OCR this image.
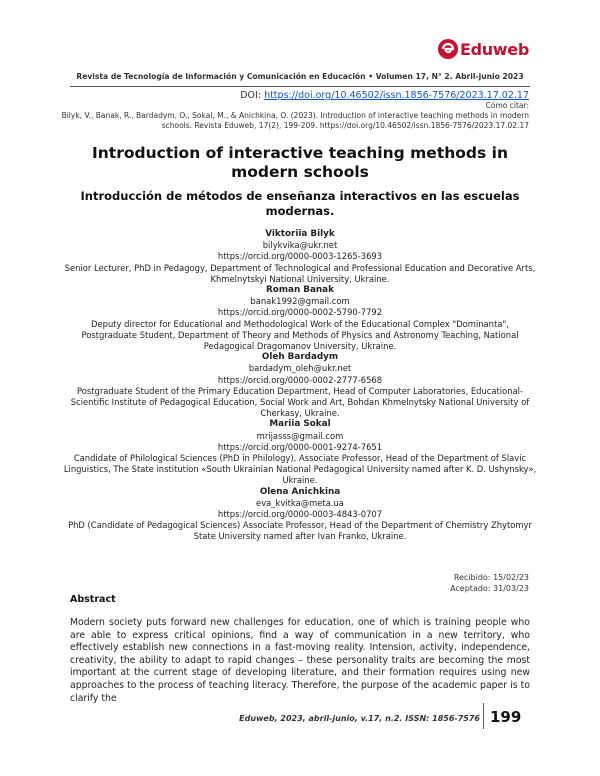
Eduweb
Revista de Tecnología de Información y Comunicación en Educación • Volumen 17, N° 2. Abril-junio 2023
DOI: https://doi.org/10.46502/issn.1856-7576/2023.17.02.17
Cómo citar:
Bilyk, V., Banak, R., Bardadym, O., Sokal, M., & Anichkina, O. (2023). Introduction of interactive teaching methods in modern
schools. Revista Eduweb, 17(2), 199-209. https://doi.org/10.46502/issn.1856-7576/2023.17.02.17
Introduction of interactive teaching methods in modern schools
Introducción de métodos de enseñanza interactivos en las escuelas modernas.
Viktoriia Bilyk
bilykvika@ukr.net
https://orcid.org/0000-0003-1265-3693
Senior Lecturer, PhD in Pedagogy, Department of Technological and Professional Education and Decorative Arts, Khmelnytskyi National University, Ukraine.
Roman Banak
banak1992@gmail.com
https://orcid.org/0000-0002-5790-7792
Deputy director for Educational and Methodological Work of the Educational Complex "Dominanta", Postgraduate Student, Department of Theory and Methods of Physics and Astronomy Teaching, National Pedagogical Dragomanov University, Ukraine.
Oleh Bardadym
bardadym_oleh@ukr.net
https://orcid.org/0000-0002-2777-6568
Postgraduate Student of the Primary Education Department, Head of Computer Laboratories, Educational-Scientific Institute of Pedagogical Education, Social Work and Art, Bohdan Khmelnytsky National University of Cherkasy, Ukraine.
Mariia Sokal
mrijasss@gmail.com
https://orcid.org/0000-0001-9274-7651
Candidate of Philological Sciences (PhD in Philology), Associate Professor, Head of the Department of Slavic Linguistics, The State institution «South Ukrainian National Pedagogical University named after K. D. Ushynsky», Ukraine.
Olena Anichkina
eva_kvitka@meta.ua
https://orcid.org/0000-0003-4843-0707
PhD (Candidate of Pedagogical Sciences) Associate Professor, Head of the Department of Chemistry Zhytomyr State University named after Ivan Franko, Ukraine.
Recibido: 15/02/23
Aceptado: 31/03/23
Abstract
Modern society puts forward new challenges for education, one of which is training people who are able to express critical opinions, find a way of communication in a new territory, who effectively establish new connections in a fast-moving reality. Intension, activity, independence, creativity, the ability to adapt to rapid changes – these personality traits are becoming the most important at the current stage of developing literature, and their formation requires using new approaches to the process of teaching literacy. Therefore, the purpose of the academic paper is to clarify the
Eduweb, 2023, abril-junio, v.17, n.2. ISSN: 1856-7576 199
